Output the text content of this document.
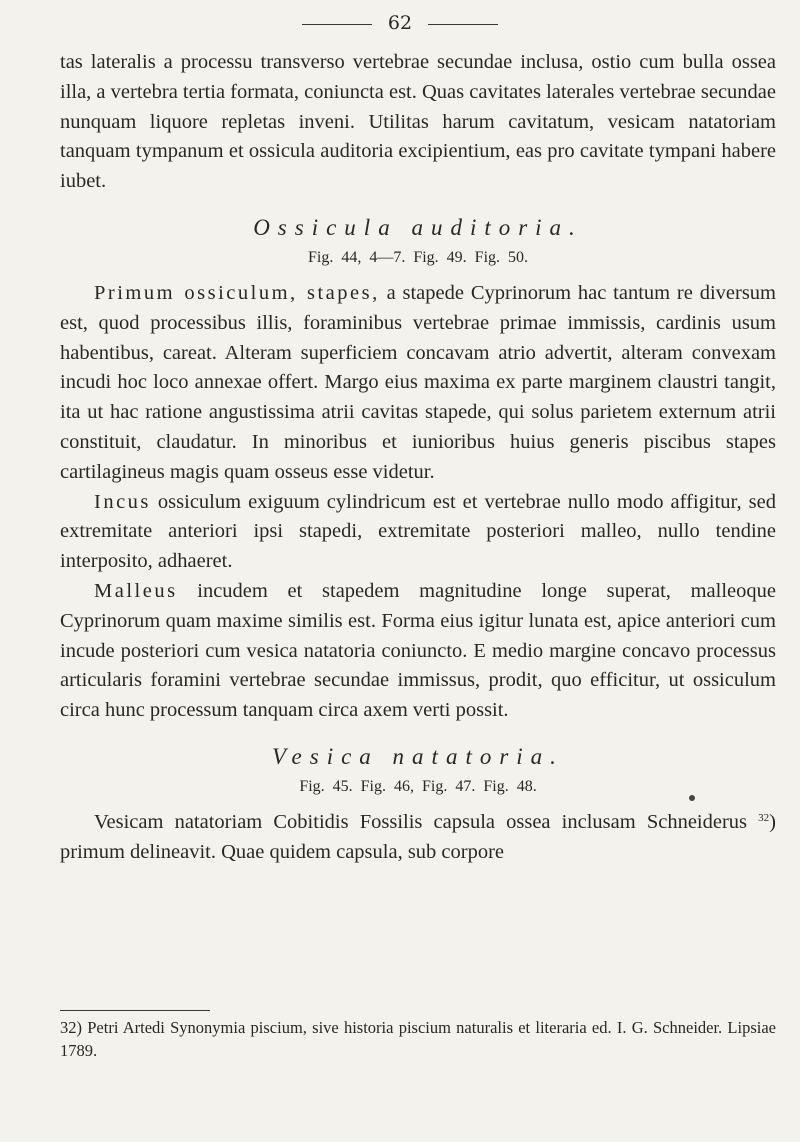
62

tas lateralis a processu transverso vertebrae secundae inclusa, ostio cum bulla ossea illa, a vertebra tertia formata, coniuncta est. Quas cavitates laterales vertebrae secundae nunquam liquore repletas inveni. Utilitas harum cavitatum, vesicam natatoriam tanquam tympanum et ossicula auditoria excipientium, eas pro cavitate tympani habere iubet.

Ossicula auditoria.
Fig. 44, 4—7. Fig. 49. Fig. 50.

Primum ossiculum, stapes, a stapede Cyprinorum hac tantum re diversum est, quod processibus illis, foraminibus vertebrae primae immissis, cardinis usum habentibus, careat. Alteram superficiem concavam atrio advertit, alteram convexam incudi hoc loco annexae offert. Margo eius maxima ex parte marginem claustri tangit, ita ut hac ratione angustissima atrii cavitas stapede, qui solus parietem externum atrii constituit, claudatur. In minoribus et iunioribus huius generis piscibus stapes cartilagineus magis quam osseus esse videtur.

Incus ossiculum exiguum cylindricum est et vertebrae nullo modo affigitur, sed extremitate anteriori ipsi stapedi, extremitate posteriori malleo, nullo tendine interposito, adhaeret.

Malleus incudem et stapedem magnitudine longe superat, malleoque Cyprinorum quam maxime similis est. Forma eius igitur lunata est, apice anteriori cum incude posteriori cum vesica natatoria coniuncto. E medio margine concavo processus articularis foramini vertebrae secundae immissus, prodit, quo efficitur, ut ossiculum circa hunc processum tanquam circa axem verti possit.

Vesica natatoria.
Fig. 45. Fig. 46, Fig. 47. Fig. 48.

Vesicam natatoriam Cobitidis Fossilis capsula ossea inclusam Schneiderus $^{32}$) primum delineavit. Quae quidem capsula, sub corpore

32) Petri Artedi Synonymia piscium, sive historia piscium naturalis et literaria ed. I. G. Schneider. Lipsiae 1789.
